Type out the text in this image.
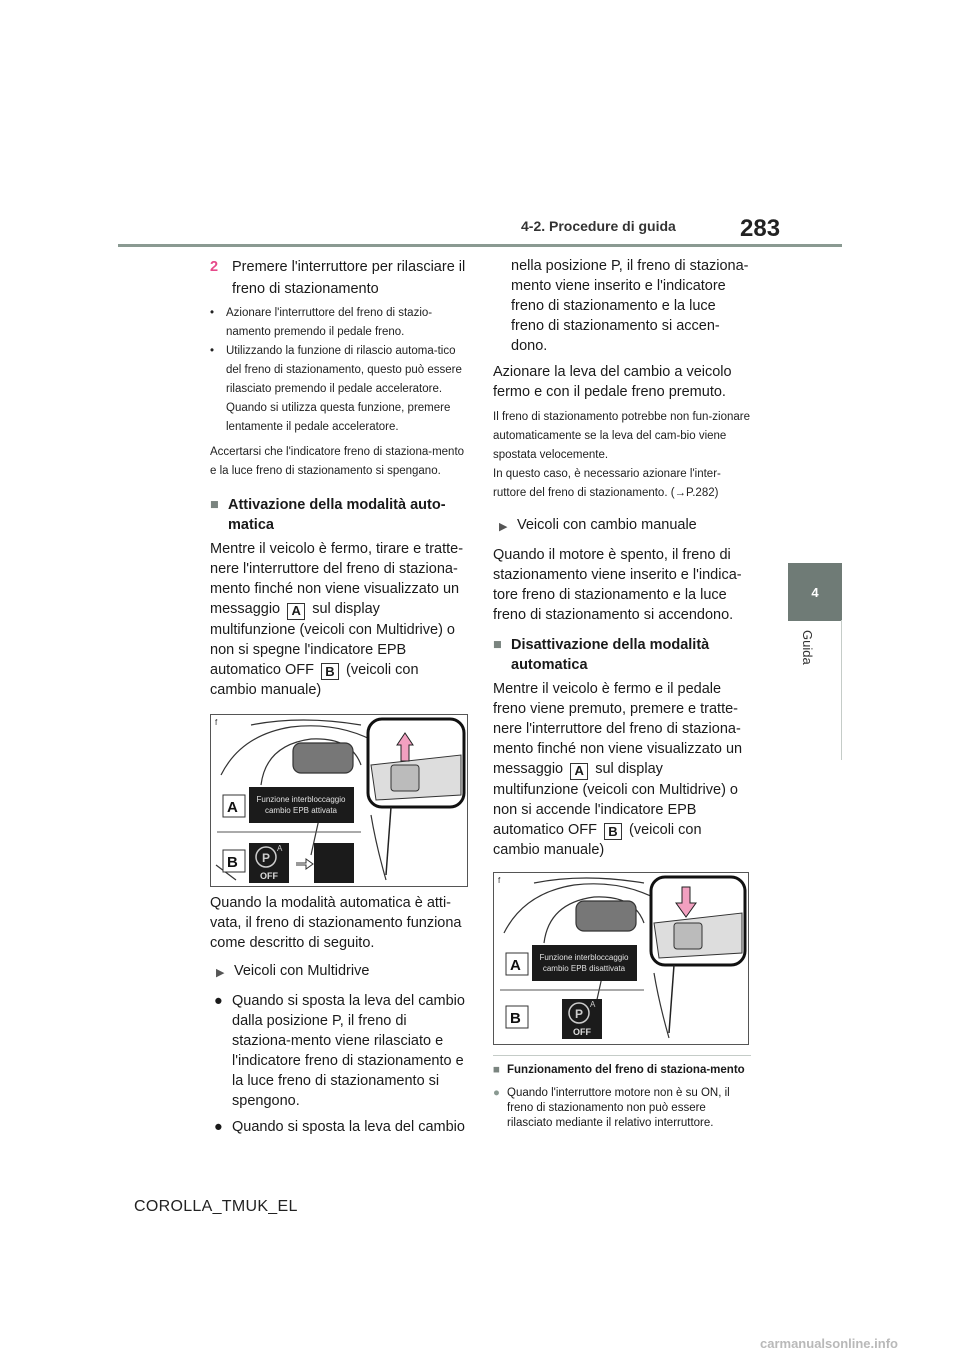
4-2. Procedure di guida	283
4
Guida
2 Premere l'interruttore per rilasciare il freno di stazionamento
•	Azionare l'interruttore del freno di stazio-namento premendo il pedale freno.
•	Utilizzando la funzione di rilascio automa-tico del freno di stazionamento, questo può essere rilasciato premendo il pedale acceleratore. Quando si utilizza questa funzione, premere lentamente il pedale acceleratore.
Accertarsi che l'indicatore freno di staziona-mento e la luce freno di stazionamento si spengano.
■ Attivazione della modalità auto-matica
Mentre il veicolo è fermo, tirare e tratte-nere l'interruttore del freno di staziona-mento finché non viene visualizzato un messaggio A sul display multifunzione (veicoli con Multidrive) o non si spegne l'indicatore EPB automatico OFF B (veicoli con cambio manuale)
f
A Funzione interbloccaggio
cambio EPB attivata
B P
A
OFF
Quando la modalità automatica è atti-vata, il freno di stazionamento funziona come descritto di seguito.
▶ Veicoli con Multidrive
● Quando si sposta la leva del cambio dalla posizione P, il freno di staziona-mento viene rilasciato e l'indicatore freno di stazionamento e la luce freno di stazionamento si spengono.
● Quando si sposta la leva del cambio
nella posizione P, il freno di staziona-mento viene inserito e l'indicatore freno di stazionamento e la luce freno di stazionamento si accen-dono.
Azionare la leva del cambio a veicolo fermo e con il pedale freno premuto.
Il freno di stazionamento potrebbe non fun-zionare automaticamente se la leva del cam-bio viene spostata velocemente.
In questo caso, è necessario azionare l'inter-ruttore del freno di stazionamento. (→P.282)
▶ Veicoli con cambio manuale
Quando il motore è spento, il freno di stazionamento viene inserito e l'indica-tore freno di stazionamento e la luce freno di stazionamento si accendono.
■ Disattivazione della modalità automatica
Mentre il veicolo è fermo e il pedale freno viene premuto, premere e tratte-nere l'interruttore del freno di staziona-mento finché non viene visualizzato un messaggio A sul display multifunzione (veicoli con Multidrive) o non si accende l'indicatore EPB automatico OFF B (veicoli con cambio manuale)
f
A Funzione interbloccaggio
cambio EPB disattivata
B	P
A
OFF
■ Funzionamento del freno di staziona-mento
● Quando l'interruttore motore non è su ON, il freno di stazionamento non può essere rilasciato mediante il relativo interruttore.
COROLLA_TMUK_EL
carmanualsonline.info
